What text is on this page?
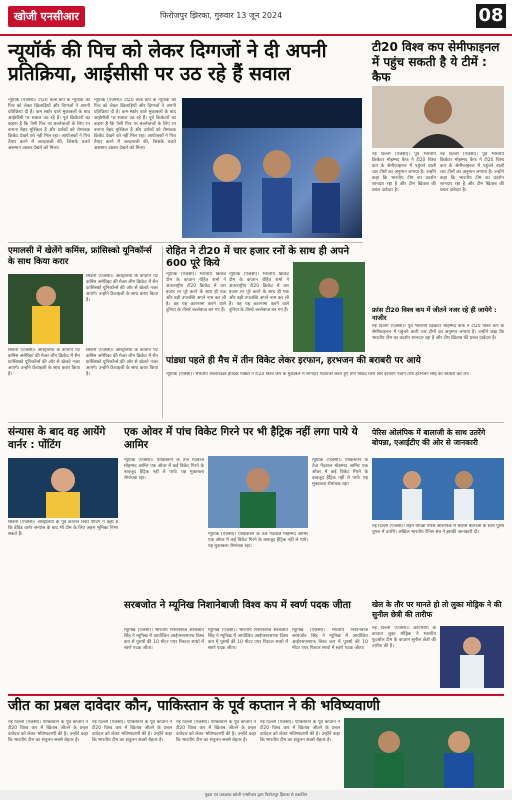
खोजी एनसीआर	फिरोजपुर झिरका, गुरुवार 13 जून 2024	08
न्यूयॉर्क की पिच को लेकर दिग्गजों ने दी अपनी प्रतिक्रिया, आईसीसी पर उठ रहे हैं सवाल
न्यूयॉर्क (एजेंसी)। टी20 वर्ल्ड कप के न्यूयॉर्क की पिच को लेकर खिलाड़ियों और दिग्गजों ने अपनी प्रतिक्रिया दी है। कम स्कोर वाले मुकाबलों के बाद आईसीसी पर सवाल उठ रहे हैं। पूर्व क्रिकेटरों का कहना है कि ऐसी पिच पर बल्लेबाजों के लिए रन बनाना बेहद मुश्किल है और दर्शकों को रोमांचक क्रिकेट देखने को नहीं मिल रहा। आयोजकों ने पिच तैयार करने में जल्दबाजी की, जिसके चलते असमान उछाल देखने को मिला।
न्यूयॉर्क (एजेंसी)। टी20 वर्ल्ड कप के न्यूयॉर्क की पिच को लेकर खिलाड़ियों और दिग्गजों ने अपनी प्रतिक्रिया दी है। कम स्कोर वाले मुकाबलों के बाद आईसीसी पर सवाल उठ रहे हैं। पूर्व क्रिकेटरों का कहना है कि ऐसी पिच पर बल्लेबाजों के लिए रन बनाना बेहद मुश्किल है और दर्शकों को रोमांचक क्रिकेट देखने को नहीं मिल रहा। आयोजकों ने पिच तैयार करने में जल्दबाजी की, जिसके चलते असमान उछाल देखने को मिला।
टी20 विश्व कप सेमीफाइनल में पहुंच सकती है ये टीमें : कैफ
नई दिल्ली (एजेंसी)। पूर्व भारतीय क्रिकेटर मोहम्मद कैफ ने टी20 विश्व कप के सेमीफाइनल में पहुंचने वाली चार टीमों का अनुमान लगाया है। उन्होंने कहा कि भारतीय टीम का प्रदर्शन शानदार रहा है और टीम खिताब की प्रबल दावेदार है।
नई दिल्ली (एजेंसी)। पूर्व भारतीय क्रिकेटर मोहम्मद कैफ ने टी20 विश्व कप के सेमीफाइनल में पहुंचने वाली चार टीमों का अनुमान लगाया है। उन्होंने कहा कि भारतीय टीम का प्रदर्शन शानदार रहा है और टीम खिताब की प्रबल दावेदार है।
एमालसी में खेलेंगे कमिंस, फ्रांसिस्को यूनिकॉर्न्स के साथ किया करार
सिडनी (एजेंसी)। ऑस्ट्रेलिया के कप्तान पैट कमिंस अमेरिका की मेजर लीग क्रिकेट में सैन फ्रांसिस्को यूनिकॉर्न्स की ओर से खेलते नजर आएंगे। उन्होंने फ्रेंचाइजी के साथ करार किया है।
सिडनी (एजेंसी)। ऑस्ट्रेलिया के कप्तान पैट कमिंस अमेरिका की मेजर लीग क्रिकेट में सैन फ्रांसिस्को यूनिकॉर्न्स की ओर से खेलते नजर आएंगे। उन्होंने फ्रेंचाइजी के साथ करार किया है।
सिडनी (एजेंसी)। ऑस्ट्रेलिया के कप्तान पैट कमिंस अमेरिका की मेजर लीग क्रिकेट में सैन फ्रांसिस्को यूनिकॉर्न्स की ओर से खेलते नजर आएंगे। उन्होंने फ्रेंचाइजी के साथ करार किया है।
रोहित ने टी20 में चार हजार रनों के साथ ही अपने 600 पूरे किये
न्यूयॉर्क (एजेंसी)। भारतीय क्रिकेट टीम के कप्तान रोहित शर्मा ने अंतरराष्ट्रीय टी20 क्रिकेट में चार हजार रन पूरे करने के साथ ही एक और बड़ी उपलब्धि अपने नाम कर ली है। वह यह कारनामा करने वाले दुनिया के तीसरे बल्लेबाज बन गए हैं।
न्यूयॉर्क (एजेंसी)। भारतीय क्रिकेट टीम के कप्तान रोहित शर्मा ने अंतरराष्ट्रीय टी20 क्रिकेट में चार हजार रन पूरे करने के साथ ही एक और बड़ी उपलब्धि अपने नाम कर ली है। वह यह कारनामा करने वाले दुनिया के तीसरे बल्लेबाज बन गए हैं।	फ्रांस टी20 विश्व कप में जीतने नजर रहे ही जायेगे : नाजीर
नई दिल्ली (एजेंसी)। पूर्व भारतीय क्रिकेटर मोहम्मद कैफ ने टी20 विश्व कप के सेमीफाइनल में पहुंचने वाली चार टीमों का अनुमान लगाया है। उन्होंने कहा कि भारतीय टीम का प्रदर्शन शानदार रहा है और टीम खिताब की प्रबल दावेदार है।
पांड्या पहले ही मैच में तीन विकेट लेकर इरफान, हरभजन की बराबरी पर आये
न्यूयॉर्क (एजेंसी)। भारतीय ऑलराउंडर हार्दिक पांड्या ने टी20 विश्व कप के मुकाबले में शानदार गेंदबाजी करते हुए तीन विकेट लिये और इरफान पठान तथा हरभजन सिंह की बराबरी कर ली।
संन्यास के बाद वह आयेंगे वार्नर : पोंटिंग
सिडनी (एजेंसी)। ऑस्ट्रेलिया के पूर्व कप्तान रिकी पोंटिंग ने कहा है कि डेविड वार्नर संन्यास के बाद भी टीम के लिए अहम भूमिका निभा सकते हैं।
एक ओवर में पांच विकेट गिरने पर भी हैट्रिक नहीं लगा पाये ये आमिर
न्यूयॉर्क (एजेंसी)। पाकिस्तान के तेज गेंदबाज मोहम्मद आमिर एक ओवर में कई विकेट गिरने के बावजूद हैट्रिक नहीं ले पाये। यह मुकाबला रोमांचक रहा।
न्यूयॉर्क (एजेंसी)। पाकिस्तान के तेज गेंदबाज मोहम्मद आमिर एक ओवर में कई विकेट गिरने के बावजूद हैट्रिक नहीं ले पाये। यह मुकाबला रोमांचक रहा।
न्यूयॉर्क (एजेंसी)। पाकिस्तान के तेज गेंदबाज मोहम्मद आमिर एक ओवर में कई विकेट गिरने के बावजूद हैट्रिक नहीं ले पाये। यह मुकाबला रोमांचक रहा।
पेरिस ओलंपिक में बालाजी के साथ उतरेंगे बोपन्ना, एआईटीए की ओर से जानकारी
नई दिल्ली (एजेंसी)। रोहन बोपन्ना पेरिस ओलंपिक में श्रीराम बालाजी के साथ पुरुष युगल में उतरेंगे। अखिल भारतीय टेनिस संघ ने इसकी जानकारी दी।
सरबजोत ने म्यूनिख निशानेबाजी विश्व कप में स्वर्ण पदक जीता
म्यूनिख (एजेंसी)। भारतीय निशानेबाज सरबजोत सिंह ने म्यूनिख में आयोजित आईएसएसएफ विश्व कप में पुरुषों की 10 मीटर एयर पिस्टल स्पर्धा में स्वर्ण पदक जीता।
म्यूनिख (एजेंसी)। भारतीय निशानेबाज सरबजोत सिंह ने म्यूनिख में आयोजित आईएसएसएफ विश्व कप में पुरुषों की 10 मीटर एयर पिस्टल स्पर्धा में स्वर्ण पदक जीता।
म्यूनिख (एजेंसी)। भारतीय निशानेबाज सरबजोत सिंह ने म्यूनिख में आयोजित आईएसएसएफ विश्व कप में पुरुषों की 10 मीटर एयर पिस्टल स्पर्धा में स्वर्ण पदक जीता।
खेल के तौर पर मानते हो तो लुका मोड्रिक ने की सुनील छेत्री की तारीफ
नई दिल्ली (एजेंसी)। क्रोएशिया के कप्तान लुका मोड्रिक ने भारतीय फुटबॉल टीम के कप्तान सुनील छेत्री की तारीफ की है।
जीत का प्रबल दावेदार कौन, पाकिस्तान के पूर्व कप्तान ने की भविष्यवाणी
नई दिल्ली (एजेंसी)। पाकिस्तान के पूर्व कप्तान ने टी20 विश्व कप में खिताब जीतने के प्रबल दावेदार को लेकर भविष्यवाणी की है। उन्होंने कहा कि भारतीय टीम का संतुलन सबसे बेहतर है।
नई दिल्ली (एजेंसी)। पाकिस्तान के पूर्व कप्तान ने टी20 विश्व कप में खिताब जीतने के प्रबल दावेदार को लेकर भविष्यवाणी की है। उन्होंने कहा कि भारतीय टीम का संतुलन सबसे बेहतर है।
नई दिल्ली (एजेंसी)। पाकिस्तान के पूर्व कप्तान ने टी20 विश्व कप में खिताब जीतने के प्रबल दावेदार को लेकर भविष्यवाणी की है। उन्होंने कहा कि भारतीय टीम का संतुलन सबसे बेहतर है।
नई दिल्ली (एजेंसी)। पाकिस्तान के पूर्व कप्तान ने टी20 विश्व कप में खिताब जीतने के प्रबल दावेदार को लेकर भविष्यवाणी की है। उन्होंने कहा कि भारतीय टीम का संतुलन सबसे बेहतर है।
मुद्रक एवं प्रकाशक खोजी एनसीआर द्वारा फिरोजपुर झिरका से प्रकाशित
